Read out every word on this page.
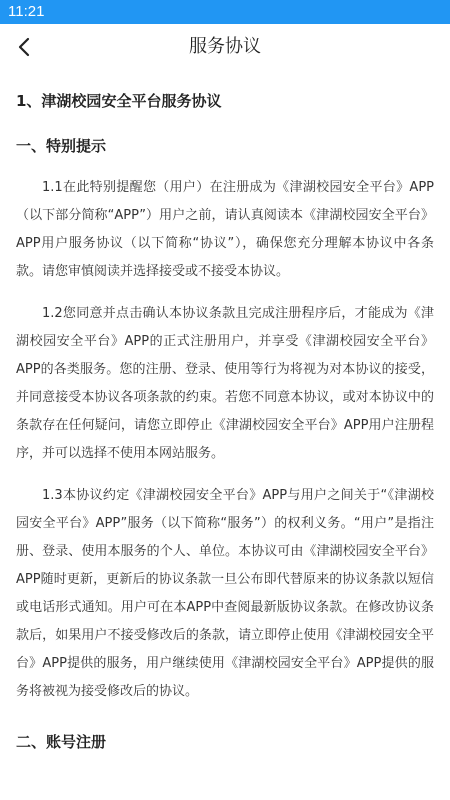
11:21
服务协议
1、津湖校园安全平台服务协议
一、特别提示

1.1在此特别提醒您（用户）在注册成为《津湖校园安全平台》APP（以下部分简称“APP”）用户之前，请认真阅读本《津湖校园安全平台》APP用户服务协议（以下简称“协议”），确保您充分理解本协议中各条款。请您审慎阅读并选择接受或不接受本协议。

1.2您同意并点击确认本协议条款且完成注册程序后，才能成为《津湖校园安全平台》APP的正式注册用户，并享受《津湖校园安全平台》APP的各类服务。您的注册、登录、使用等行为将视为对本协议的接受，并同意接受本协议各项条款的约束。若您不同意本协议，或对本协议中的条款存在任何疑问，请您立即停止《津湖校园安全平台》APP用户注册程序，并可以选择不使用本网站服务。

1.3本协议约定《津湖校园安全平台》APP与用户之间关于“《津湖校园安全平台》APP”服务（以下简称“服务”）的权利义务。“用户”是指注册、登录、使用本服务的个人、单位。本协议可由《津湖校园安全平台》APP随时更新，更新后的协议条款一旦公布即代替原来的协议条款以短信或电话形式通知。用户可在本APP中查阅最新版协议条款。在修改协议条款后，如果用户不接受修改后的条款，请立即停止使用《津湖校园安全平台》APP提供的服务，用户继续使用《津湖校园安全平台》APP提供的服务将被视为接受修改后的协议。

二、账号注册
